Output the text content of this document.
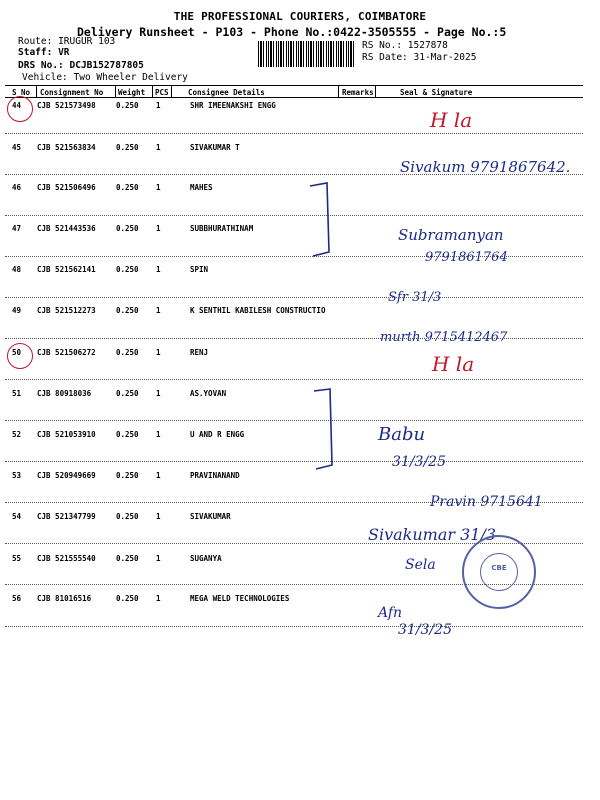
THE PROFESSIONAL COURIERS, COIMBATORE
Delivery Runsheet - P103 - Phone No.:0422-3505555 - Page No.:5
Route: IRUGUR 103
Staff: VR
DRS No.: DCJB152787805
Vehicle: Two Wheeler Delivery
RS No.: 1527878
RS Date: 31-Mar-2025
S No Consignment No Weight PCS	Consignee Details	Remarks	Seal & Signature
44 CJB 521573498	0.250 1	SHR IMEENAKSHI ENGG
45 CJB 521563834	0.250 1	SIVAKUMAR T
46 CJB 521506496	0.250 1	MAHES
47 CJB 521443536	0.250 1	SUBBHURATHINAM
48 CJB 521562141	0.250 1	SPIN
49 CJB 521512273	0.250 1	K SENTHIL KABILESH CONSTRUCTIO
50 CJB 521506272	0.250 1	RENJ
51 CJB 80918036	0.250 1	AS.YOVAN
52 CJB 521053910	0.250 1	U AND R ENGG
53 CJB 520949669	0.250 1	PRAVINANAND
54 CJB 521347799	0.250 1	SIVAKUMAR
55 CJB 521555540	0.250 1	SUGANYA
56 CJB 81016516	0.250 1	MEGA WELD TECHNOLOGIES
H la
Sivakum 9791867642.
Subramanyan
9791861764
Sfr 31/3
murth 9715412467
H la
Babu
31/3/25
Pravin 9715641
Sivakumar 31/3
Sela
Afn
31/3/25
CBE
